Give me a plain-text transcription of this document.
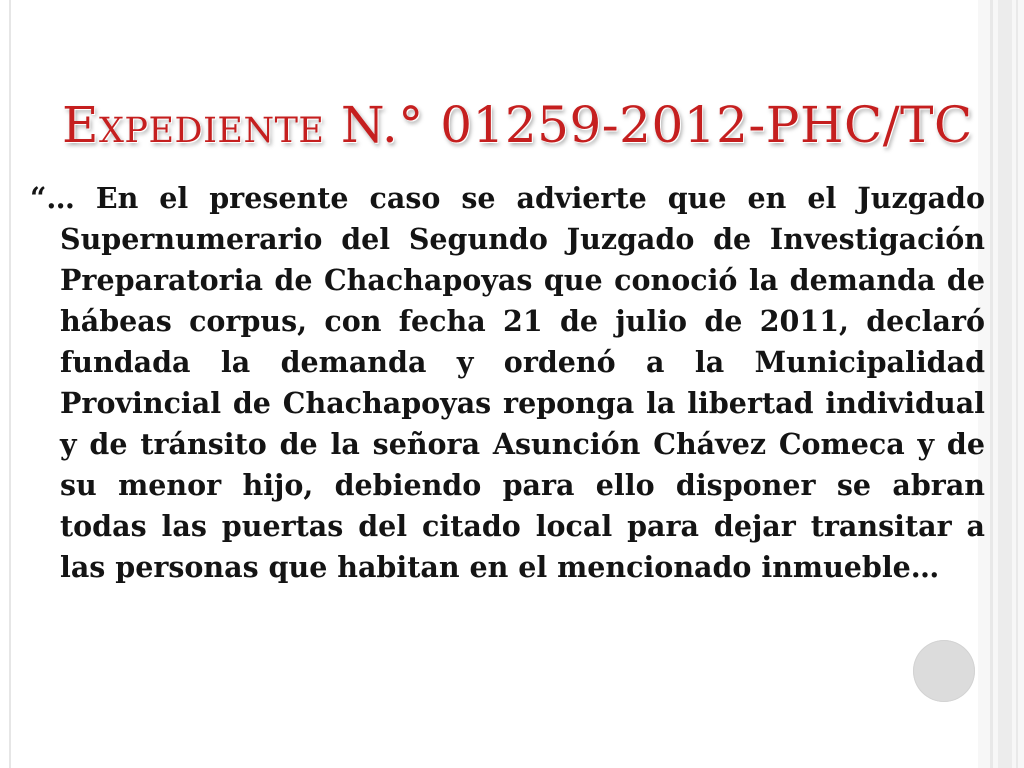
Expediente N.° 01259-2012-PHC/TC

“… En el presente caso se advierte que en el Juzgado Supernumerario del Segundo Juzgado de Investigación Preparatoria de Chachapoyas que conoció la demanda de hábeas corpus, con fecha 21 de julio de 2011, declaró fundada la demanda y ordenó a la Municipalidad Provincial de Chachapoyas reponga la libertad individual y de tránsito de la señora Asunción Chávez Comeca y de su menor hijo, debiendo para ello disponer se abran todas las puertas del citado local para dejar transitar a las personas que habitan en el mencionado inmueble…
